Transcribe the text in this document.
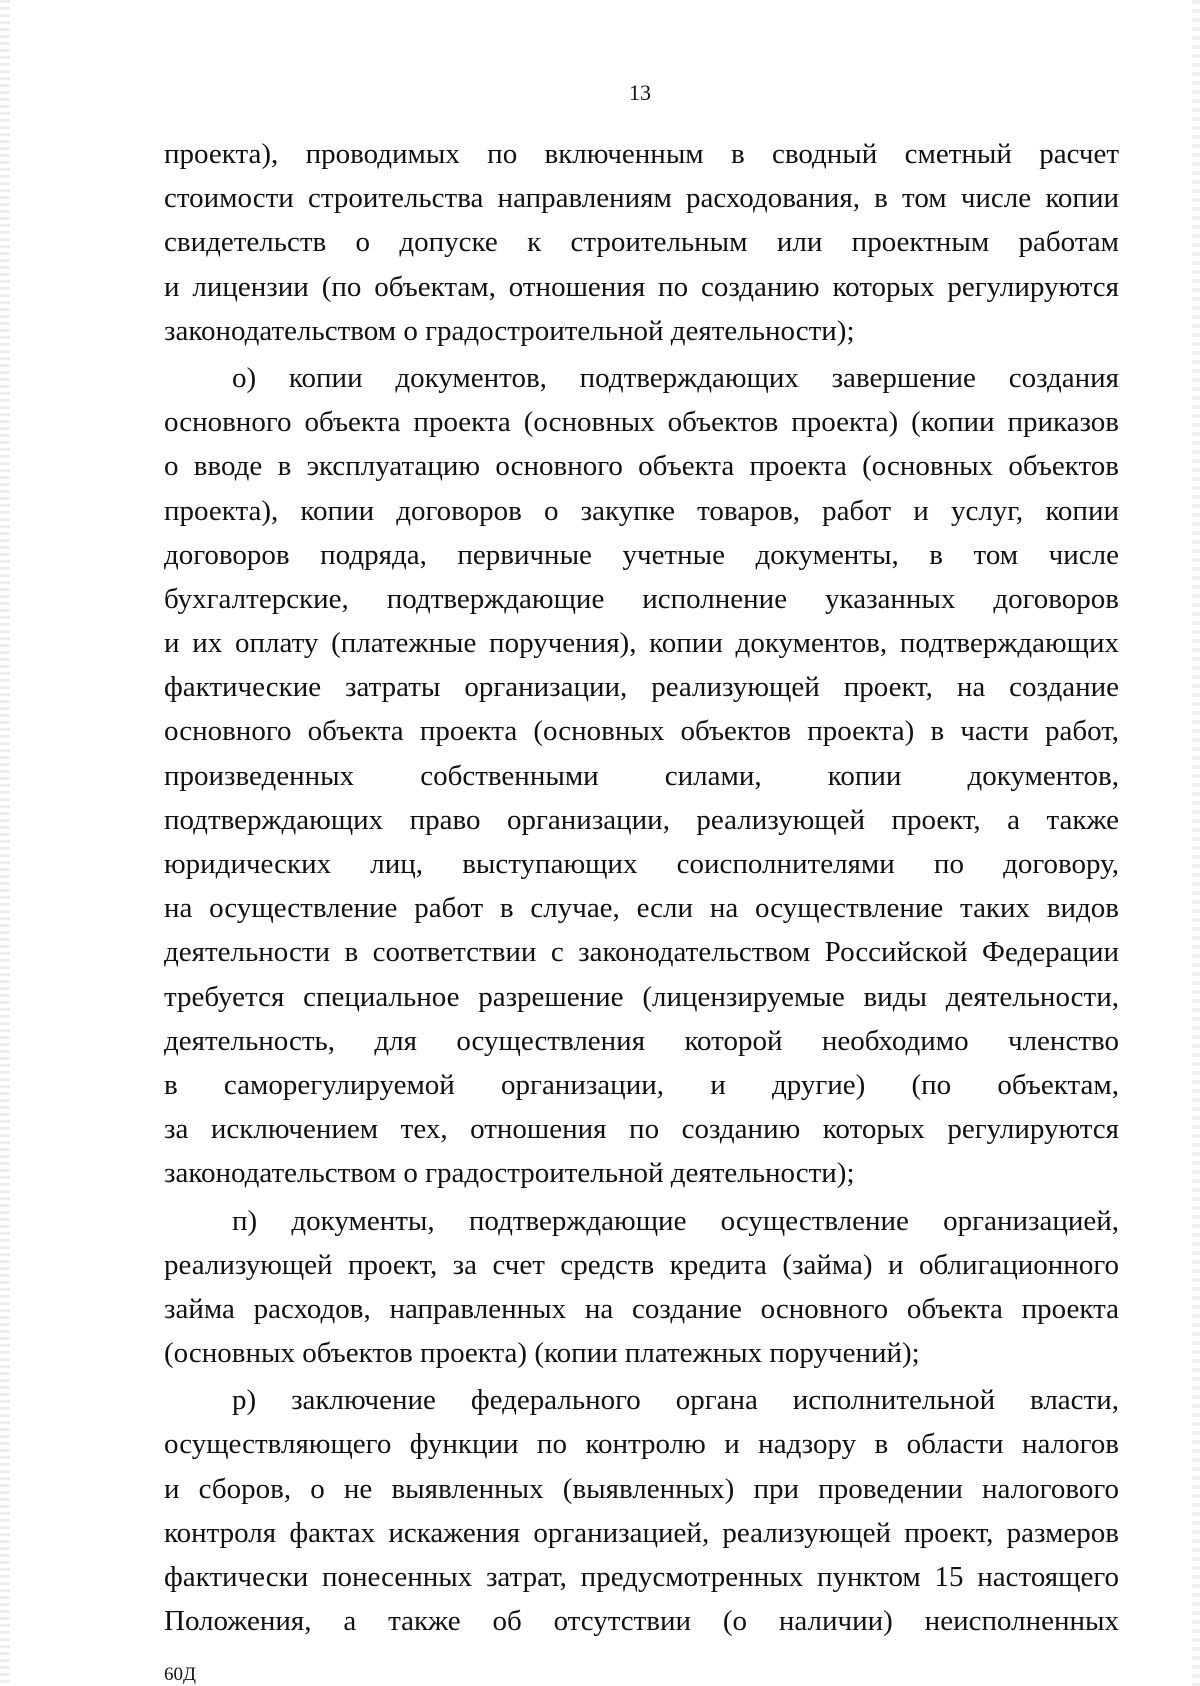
13
проекта), проводимых по включенным в сводный сметный расчет
стоимости строительства направлениям расходования, в том числе копии
свидетельств о допуске к строительным или проектным работам
и лицензии (по объектам, отношения по созданию которых регулируются
законодательством о градостроительной деятельности);
о) копии документов, подтверждающих завершение создания
основного объекта проекта (основных объектов проекта) (копии приказов
о вводе в эксплуатацию основного объекта проекта (основных объектов
проекта), копии договоров о закупке товаров, работ и услуг, копии
договоров подряда, первичные учетные документы, в том числе
бухгалтерские, подтверждающие исполнение указанных договоров
и их оплату (платежные поручения), копии документов, подтверждающих
фактические затраты организации, реализующей проект, на создание
основного объекта проекта (основных объектов проекта) в части работ,
произведенных собственными силами, копии документов,
подтверждающих право организации, реализующей проект, а также
юридических лиц, выступающих соисполнителями по договору,
на осуществление работ в случае, если на осуществление таких видов
деятельности в соответствии с законодательством Российской Федерации
требуется специальное разрешение (лицензируемые виды деятельности,
деятельность, для осуществления которой необходимо членство
в саморегулируемой организации, и другие) (по объектам,
за исключением тех, отношения по созданию которых регулируются
законодательством о градостроительной деятельности);
п) документы, подтверждающие осуществление организацией,
реализующей проект, за счет средств кредита (займа) и облигационного
займа расходов, направленных на создание основного объекта проекта
(основных объектов проекта) (копии платежных поручений);
р) заключение федерального органа исполнительной власти,
осуществляющего функции по контролю и надзору в области налогов
и сборов, о не выявленных (выявленных) при проведении налогового
контроля фактах искажения организацией, реализующей проект, размеров
фактически понесенных затрат, предусмотренных пунктом 15 настоящего
Положения, а также об отсутствии (о наличии) неисполненных
60Д
